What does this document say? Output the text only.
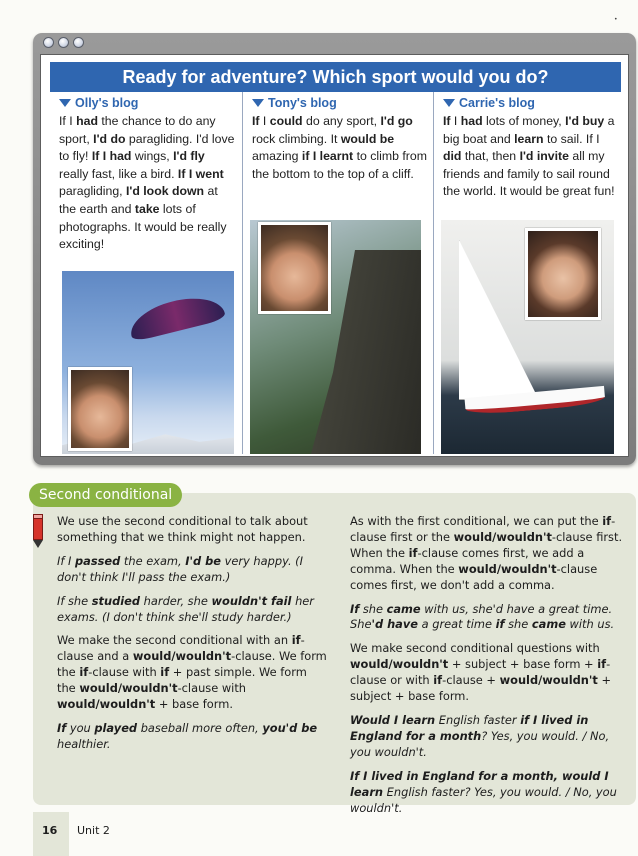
•
Ready for adventure? Which sport would you do?
Olly's blog
If I had the chance to do any sport, I'd do paragliding. I'd love to fly! If I had wings, I'd fly really fast, like a bird. If I went paragliding, I'd look down at the earth and take lots of photographs. It would be really exciting!
Tony's blog
If I could do any sport, I'd go rock climbing. It would be amazing if I learnt to climb from the bottom to the top of a cliff.
Carrie's blog
If I had lots of money, I'd buy a big boat and learn to sail. If I did that, then I'd invite all my friends and family to sail round the world. It would be great fun!
Second conditional

We use the second conditional to talk about something that we think might not happen.

If I passed the exam, I'd be very happy. (I don't think I'll pass the exam.)

If she studied harder, she wouldn't fail her exams. (I don't think she'll study harder.)

We make the second conditional with an if-clause and a would/wouldn't-clause. We form the if-clause with if + past simple. We form the would/wouldn't-clause with would/wouldn't + base form.

If you played baseball more often, you'd be healthier.

As with the first conditional, we can put the if-clause first or the would/wouldn't-clause first. When the if-clause comes first, we add a comma. When the would/wouldn't-clause comes first, we don't add a comma.

If she came with us, she'd have a great time. She'd have a great time if she came with us.

We make second conditional questions with would/wouldn't + subject + base form + if-clause or with if-clause + would/wouldn't + subject + base form.

Would I learn English faster if I lived in England for a month? Yes, you would. / No, you wouldn't.

If I lived in England for a month, would I learn English faster? Yes, you would. / No, you wouldn't.

16 Unit 2
